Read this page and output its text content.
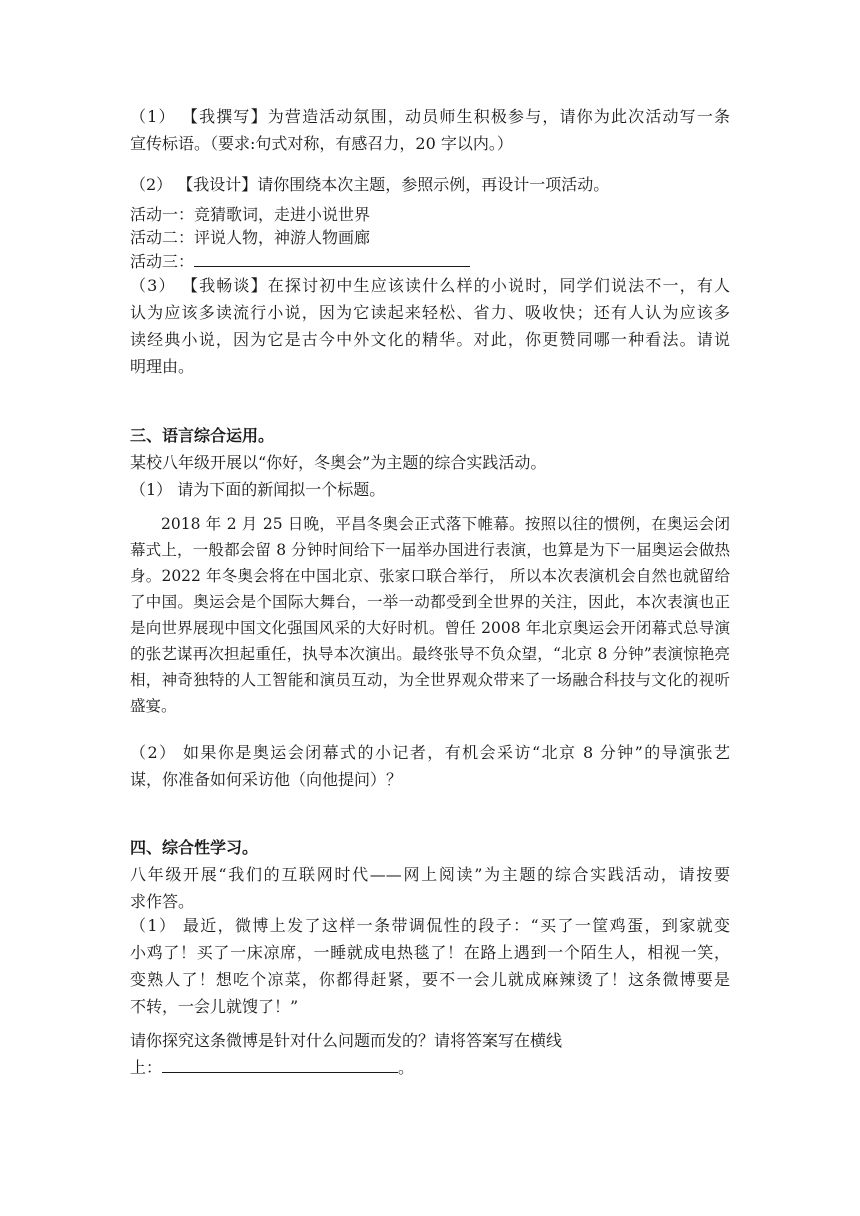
（1） 【我撰写】为营造活动氛围，动员师生积极参与，请你为此次活动写一条

宣传标语。（要求:句式对称，有感召力，20 字以内。）

（2） 【我设计】请你围绕本次主题，参照示例，再设计一项活动。

活动一：竞猜歌词，走进小说世界

活动二：评说人物，神游人物画廊

活动三：

（3） 【我畅谈】在探讨初中生应该读什么样的小说时，同学们说法不一，有人

认为应该多读流行小说，因为它读起来轻松、省力、吸收快；还有人认为应该多

读经典小说，因为它是古今中外文化的精华。对此，你更赞同哪一种看法。请说

明理由。

三、语言综合运用。

某校八年级开展以“你好，冬奥会”为主题的综合实践活动。

（1） 请为下面的新闻拟一个标题。

2018 年 2 月 25 日晚，平昌冬奥会正式落下帷幕。按照以往的惯例，在奥运会闭幕式上，一般都会留 8 分钟时间给下一届举办国进行表演，也算是为下一届奥运会做热身。2022 年冬奥会将在中国北京、张家口联合举行， 所以本次表演机会自然也就留给了中国。奥运会是个国际大舞台，一举一动都受到全世界的关注，因此，本次表演也正是向世界展现中国文化强国风采的大好时机。曾任 2008 年北京奥运会开闭幕式总导演的张艺谋再次担起重任，执导本次演出。最终张导不负众望，“北京 8 分钟”表演惊艳亮相，神奇独特的人工智能和演员互动，为全世界观众带来了一场融合科技与文化的视听盛宴。

（2） 如果你是奥运会闭幕式的小记者，有机会采访“北京 8 分钟”的导演张艺

谋，你准备如何采访他（向他提问）？

四、综合性学习。

八年级开展“我们的互联网时代——网上阅读”为主题的综合实践活动，请按要

求作答。

（1） 最近，微博上发了这样一条带调侃性的段子：“买了一筐鸡蛋，到家就变

小鸡了！买了一床凉席，一睡就成电热毯了！在路上遇到一个陌生人，相视一笑，

变熟人了！想吃个凉菜，你都得赶紧，要不一会儿就成麻辣烫了！这条微博要是

不转，一会儿就馊了！”

请你探究这条微博是针对什么问题而发的？请将答案写在横线

上：	。
